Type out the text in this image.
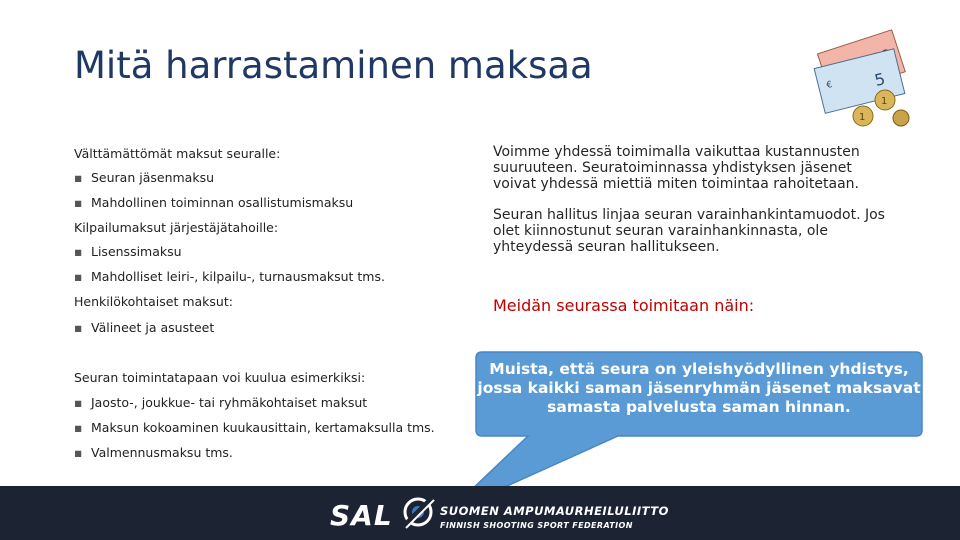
Mitä harrastaminen maksaa	5
€
1
1
Välttämättömät maksut seuralle:
▪ Seuran jäsenmaksu
▪ Mahdollinen toiminnan osallistumismaksu
Kilpailumaksut järjestäjätahoille:
▪ Lisenssimaksu
▪ Mahdolliset leiri-, kilpailu-, turnausmaksut tms.
Henkilökohtaiset maksut:
▪ Välineet ja asusteet
Seuran toimintatapaan voi kuulua esimerkiksi:
▪ Jaosto-, joukkue- tai ryhmäkohtaiset maksut
▪ Maksun kokoaminen kuukausittain, kertamaksulla tms.
▪ Valmennusmaksu tms.
Voimme yhdessä toimimalla vaikuttaa kustannusten suuruuteen. Seuratoiminnassa yhdistyksen jäsenet voivat yhdessä miettiä miten toimintaa rahoitetaan.
Seuran hallitus linjaa seuran varainhankintamuodot. Jos olet kiinnostunut seuran varainhankinnasta, ole yhteydessä seuran hallitukseen.
Meidän seurassa toimitaan näin:
Muista, että seura on yleishyödyllinen yhdistys, jossa kaikki saman jäsenryhmän jäsenet maksavat samasta palvelusta saman hinnan.
SAL	SUOMEN AMPUMAURHEILULIITTO
FINNISH SHOOTING SPORT FEDERATION
